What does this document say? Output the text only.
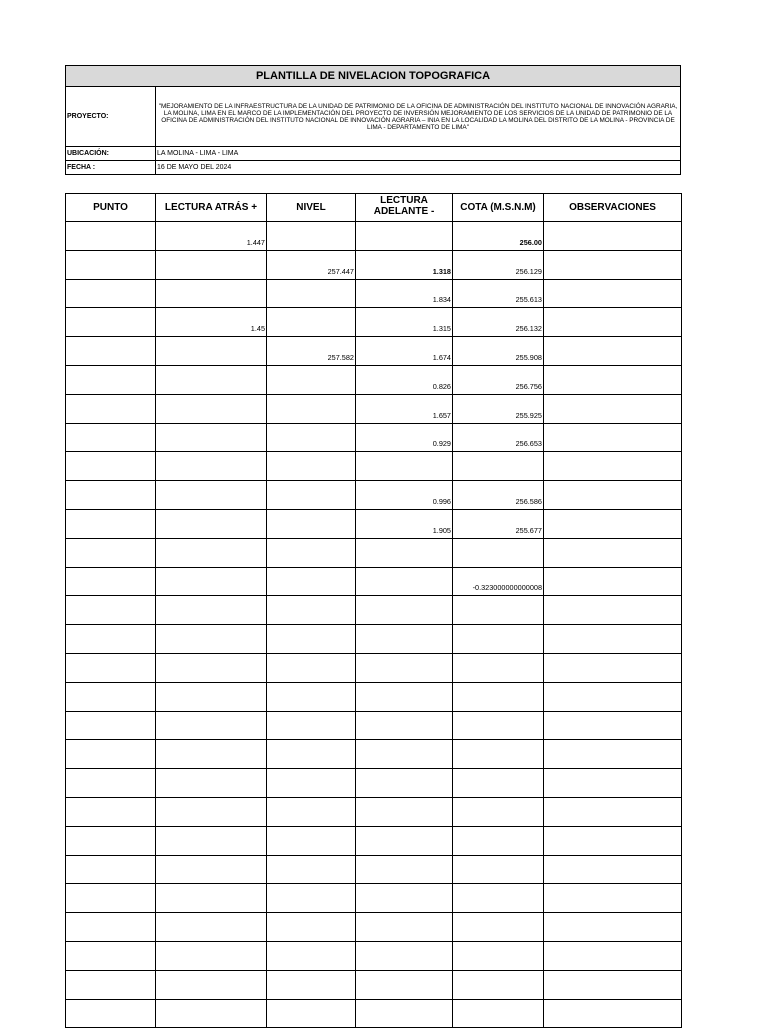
PLANTILLA DE NIVELACION TOPOGRAFICA	
PROYECTO:	"MEJORAMIENTO DE LA INFRAESTRUCTURA DE LA UNIDAD DE PATRIMONIO DE LA OFICINA DE ADMINISTRACIÓN DEL INSTITUTO NACIONAL DE INNOVACIÓN AGRARIA, LA MOLINA, LIMA EN EL MARCO DE LA IMPLEMENTACIÓN DEL PROYECTO DE INVERSIÓN MEJORAMIENTO DE LOS SERVICIOS DE LA UNIDAD DE PATRIMONIO DE LA OFICINA DE ADMINISTRACIÓN DEL INSTITUTO NACIONAL DE INNOVACIÓN AGRARIA – INIA EN LA LOCALIDAD LA MOLINA DEL DISTRITO DE LA MOLINA - PROVINCIA DE LIMA - DEPARTAMENTO DE LIMA"
UBICACIÓN:	LA MOLINA - LIMA - LIMA
FECHA :	16 DE MAYO DEL 2024
PUNTO	LECTURA ATRÁS +	NIVEL	LECTURA ADELANTE -	COTA (M.S.N.M)	OBSERVACIONES
	1.447			256.00	
		257.447	1.318	256.129	
			1.834	255.613	
	1.45		1.315	256.132	
		257.582	1.674	255.908	
			0.826	256.756	
			1.657	255.925	
			0.929	256.653	

			0.996	256.586	
			1.905	255.677	

				-0.323000000000008	
